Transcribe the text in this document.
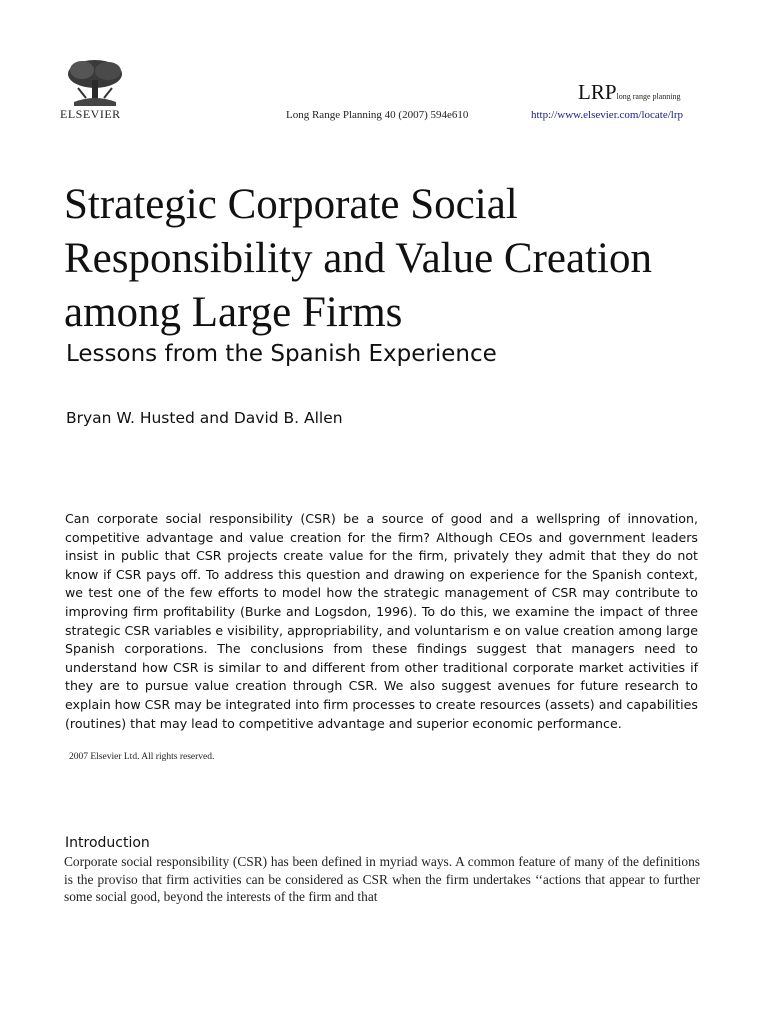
ELSEVIER	Long Range Planning 40 (2007) 594e610
LRPlong range planning
http://www.elsevier.com/locate/lrp
Strategic Corporate Social Responsibility and Value Creation among Large Firms
Lessons from the Spanish Experience
Bryan W. Husted and David B. Allen

Can corporate social responsibility (CSR) be a source of good and a wellspring of innovation, competitive advantage and value creation for the firm? Although CEOs and government leaders insist in public that CSR projects create value for the firm, privately they admit that they do not know if CSR pays off. To address this question and drawing on experience for the Spanish context, we test one of the few efforts to model how the strategic management of CSR may contribute to improving firm profitability (Burke and Logsdon, 1996). To do this, we examine the impact of three strategic CSR variables e visibility, appropriability, and voluntarism e on value creation among large Spanish corporations. The conclusions from these findings suggest that managers need to understand how CSR is similar to and different from other traditional corporate market activities if they are to pursue value creation through CSR. We also suggest avenues for future research to explain how CSR may be integrated into firm processes to create resources (assets) and capabilities (routines) that may lead to competitive advantage and superior economic performance.

2007 Elsevier Ltd. All rights reserved.
Introduction

Corporate social responsibility (CSR) has been defined in myriad ways. A common feature of many of the definitions is the proviso that firm activities can be considered as CSR when the firm undertakes ‘‘actions that appear to further some social good, beyond the interests of the firm and that
